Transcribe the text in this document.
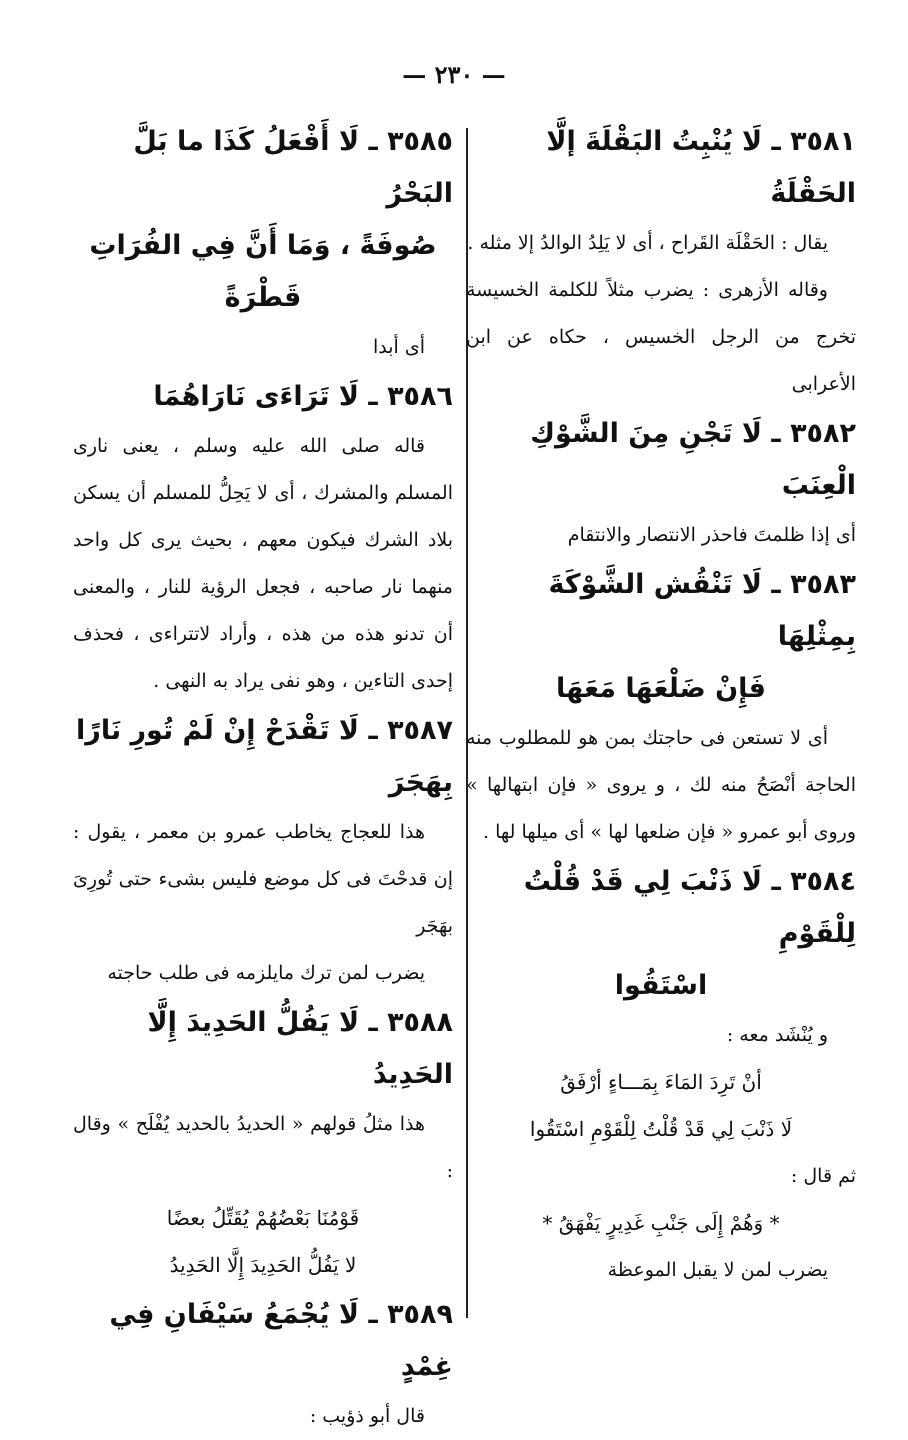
— ٢٣٠ —

٣٥٨١ ـ لَا يُنْبِتُ البَقْلَةَ إلَّا الحَقْلَةُ

يقال : الحَقْلَة القَراح ، أى لا يَلِدُ الوالدُ إلا مثله .

وقاله الأزهرى : يضرب مثلاً للكلمة الخسيسة تخرج من الرجل الخسيس ، حكاه عن ابن الأعرابى

٣٥٨٢ ـ لَا تَجْنِ مِنَ الشَّوْكِ الْعِنَبَ

أى إذا ظلمتَ فاحذر الانتصار والانتقام

٣٥٨٣ ـ لَا تَنْقُش الشَّوْكَةَ بِمِثْلِهَا

فَإِنْ ضَلْعَهَا مَعَهَا

أى لا تستعن فى حاجتك بمن هو للمطلوب منه الحاجة أنْصَحُ منه لك ، و يروى « فإن ابتهالها » وروى أبو عمرو « فإن ضلعها لها » أى ميلها لها .

٣٥٨٤ ـ لَا ذَنْبَ لِي قَدْ قُلْتُ لِلْقَوْمِ

اسْتَقُوا

و يُنْشَد معه :

أنْ تَرِدَ المَاءَ بِمَـــاءٍ أرْفَقُ

لَا ذَنْبَ لِي قَدْ قُلْتُ لِلْقَوْمِ اسْتَقُوا

ثم قال :

* وَهُمْ إِلَى جَنْبِ غَدِيرٍ يَفْهَقُ *

يضرب لمن لا يقبل الموعظة

٣٥٨٥ ـ لَا أَفْعَلُ كَذَا ما بَلَّ البَحْرُ

صُوفَةً ، وَمَا أَنَّ فِي الفُرَاتِ

قَطْرَةً

أى أبدا

٣٥٨٦ ـ لَا تَرَاءَى نَارَاهُمَا

قاله صلى الله عليه وسلم ، يعنى نارى المسلم والمشرك ، أى لا يَحِلُّ للمسلم أن يسكن بلاد الشرك فيكون معهم ، بحيث يرى كل واحد منهما نار صاحبه ، فجعل الرؤية للنار ، والمعنى أن تدنو هذه من هذه ، وأراد لاتتراءى ، فحذف إحدى التاءين ، وهو نفى يراد به النهى .

٣٥٨٧ ـ لَا تَقْدَحْ إِنْ لَمْ تُورِ نَارًا بِهَجَرَ

هذا للعجاج يخاطب عمرو بن معمر ، يقول : إن قدحْتَ فى كل موضع فليس بشىء حتى تُورِىَ بهَجَر

يضرب لمن ترك مايلزمه فى طلب حاجته

٣٥٨٨ ـ لَا يَفُلُّ الحَدِيدَ إِلَّا الحَدِيدُ

هذا مثلُ قولهم « الحديدُ بالحديد يُفْلَح » وقال :

قَوْمُنَا بَعْضُهُمْ يُقَتِّلُ بعضًا

لا يَفُلُّ الحَدِيدَ إِلَّا الحَدِيدُ

٣٥٨٩ ـ لَا يُجْمَعُ سَيْفَانِ فِي غِمْدٍ

قال أبو ذؤيب :
